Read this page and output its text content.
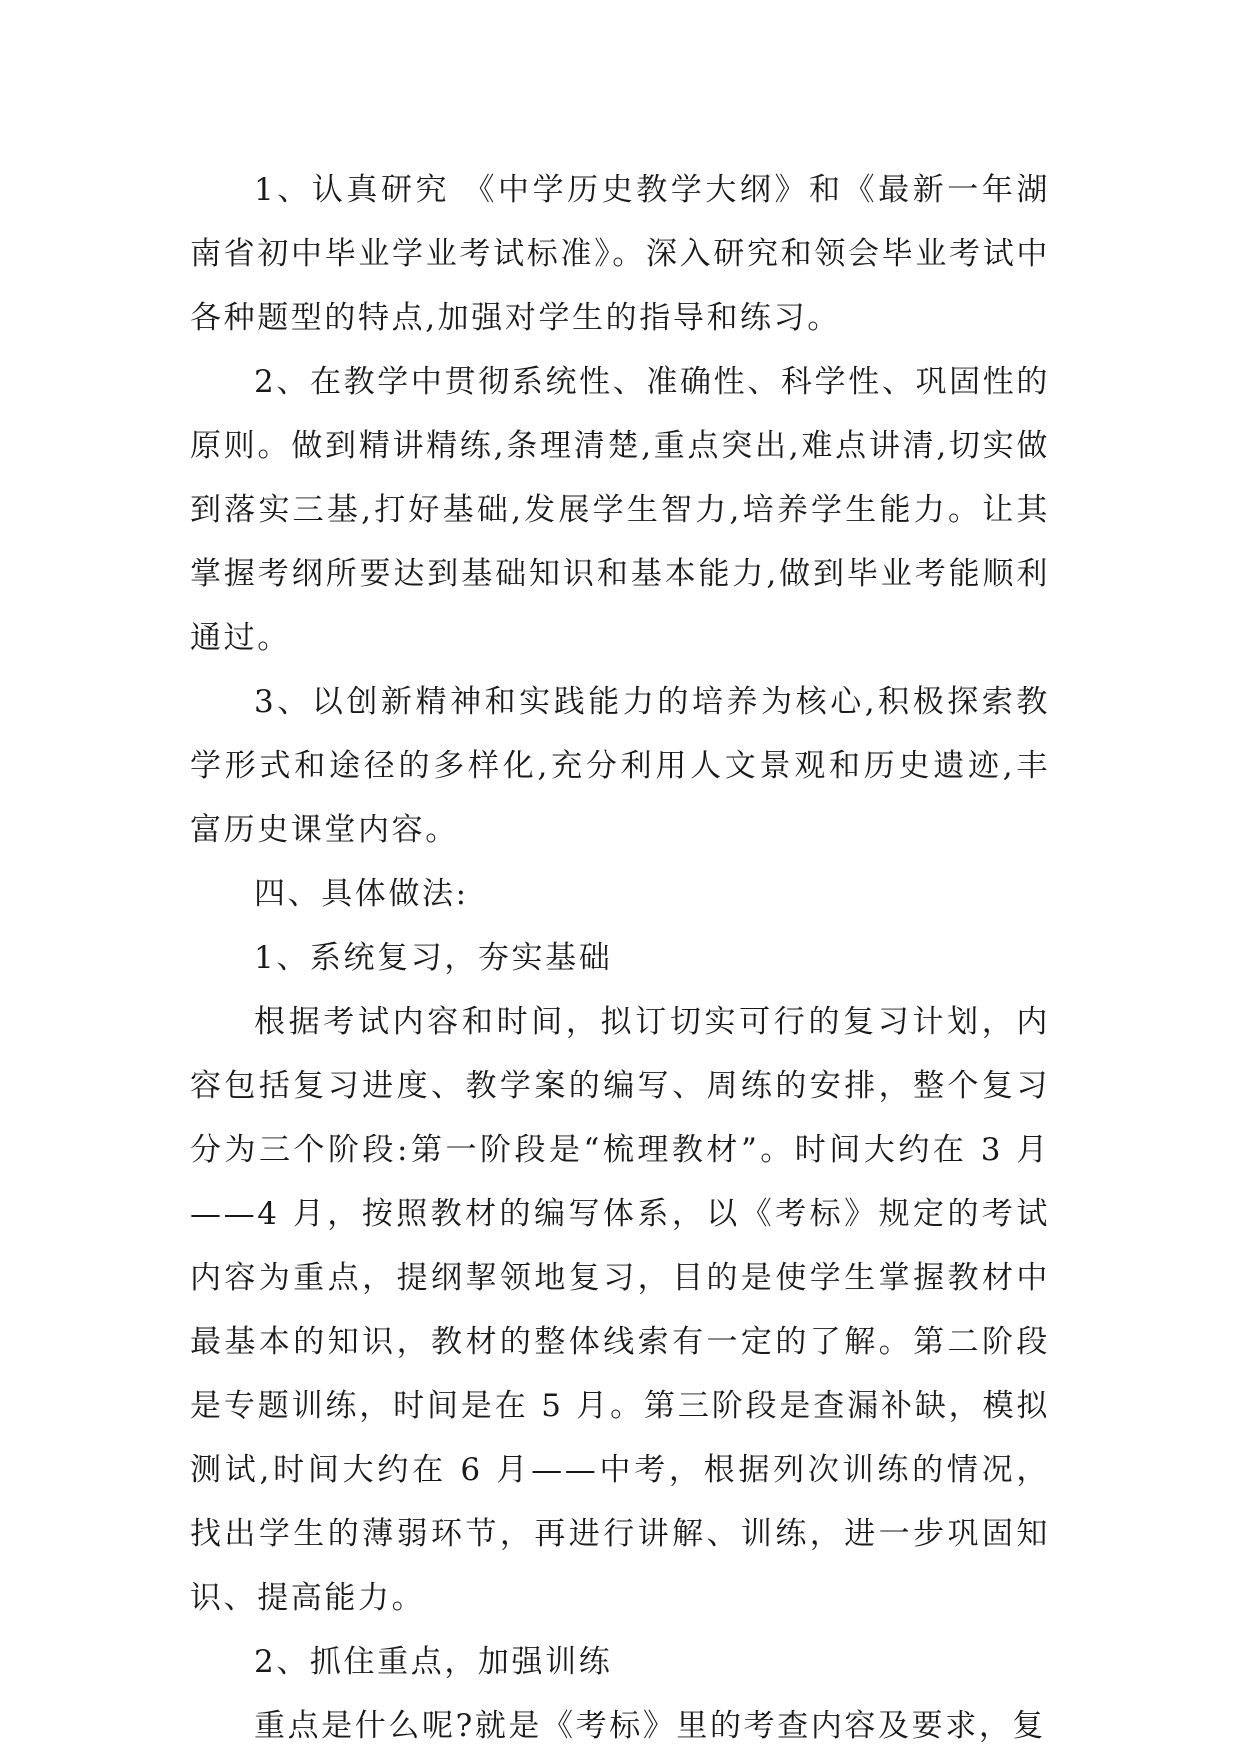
1、认真研究 《中学历史教学大纲》和《最新一年湖南省初中毕业学业考试标准》。深入研究和领会毕业考试中各种题型的特点,加强对学生的指导和练习。

2、在教学中贯彻系统性、准确性、科学性、巩固性的原则。做到精讲精练,条理清楚,重点突出,难点讲清,切实做到落实三基,打好基础,发展学生智力,培养学生能力。让其掌握考纲所要达到基础知识和基本能力,做到毕业考能顺利通过。

3、以创新精神和实践能力的培养为核心,积极探索教学形式和途径的多样化,充分利用人文景观和历史遗迹,丰富历史课堂内容。

四、具体做法:

1、系统复习，夯实基础

根据考试内容和时间，拟订切实可行的复习计划，内容包括复习进度、教学案的编写、周练的安排，整个复习分为三个阶段:第一阶段是“梳理教材”。时间大约在 3 月——4 月，按照教材的编写体系，以《考标》规定的考试内容为重点，提纲挈领地复习，目的是使学生掌握教材中最基本的知识，教材的整体线索有一定的了解。第二阶段是专题训练，时间是在 5 月。第三阶段是查漏补缺，模拟测试,时间大约在 6 月——中考，根据列次训练的情况，找出学生的薄弱环节，再进行讲解、训练，进一步巩固知识、提高能力。

2、抓住重点，加强训练

重点是什么呢?就是《考标》里的考查内容及要求，复
